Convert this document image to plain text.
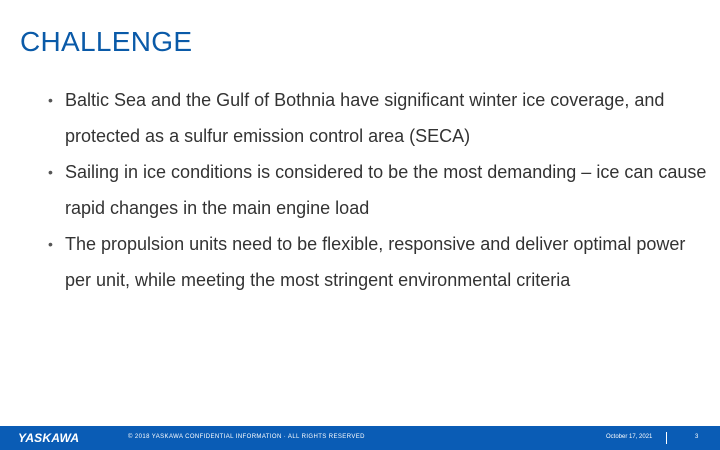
CHALLENGE
• Baltic Sea and the Gulf of Bothnia have significant winter ice coverage, and protected as a sulfur emission control area (SECA)
• Sailing in ice conditions is considered to be the most demanding – ice can cause rapid changes in the main engine load
• The propulsion units need to be flexible, responsive and deliver optimal power per unit, while meeting the most stringent environmental criteria
YASKAWA	© 2018 YASKAWA CONFIDENTIAL INFORMATION · ALL RIGHTS RESERVED	October 17, 2021	3
